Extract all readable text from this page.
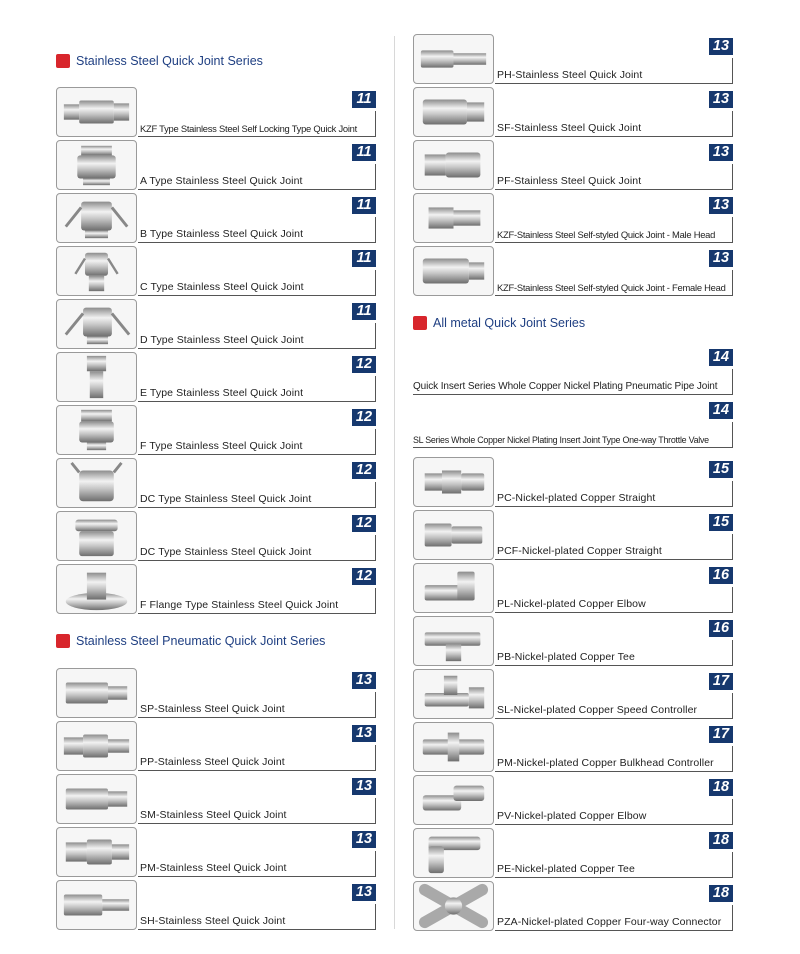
Stainless Steel Quick Joint Series
KZF Type Stainless Steel Self Locking Type Quick Joint
11
A Type Stainless Steel Quick Joint
11
B Type Stainless Steel Quick Joint
11
C Type Stainless Steel Quick Joint
11
D Type Stainless Steel Quick Joint
11
E Type Stainless Steel Quick Joint
12
F Type Stainless Steel Quick Joint
12
DC Type Stainless Steel Quick Joint
12
DC Type Stainless Steel Quick Joint
12
F Flange Type Stainless Steel Quick Joint
12
Stainless Steel Pneumatic Quick Joint Series
SP-Stainless Steel Quick Joint
13
PP-Stainless Steel Quick Joint
13
SM-Stainless Steel Quick Joint
13
PM-Stainless Steel Quick Joint
13
SH-Stainless Steel Quick Joint
13
PH-Stainless Steel Quick Joint
13
SF-Stainless Steel Quick Joint
13
PF-Stainless Steel Quick Joint
13
KZF-Stainless Steel Self-styled Quick Joint - Male Head
13
KZF-Stainless Steel Self-styled Quick Joint - Female Head
13
All metal Quick Joint Series
Quick Insert Series Whole Copper Nickel Plating Pneumatic Pipe Joint
14
SL Series Whole Copper Nickel Plating Insert Joint Type One-way Throttle Valve
14
PC-Nickel-plated Copper Straight
15
PCF-Nickel-plated Copper Straight
15
PL-Nickel-plated Copper Elbow
16
PB-Nickel-plated Copper Tee
16
SL-Nickel-plated Copper Speed Controller
17
PM-Nickel-plated Copper Bulkhead Controller
17
PV-Nickel-plated Copper Elbow
18
PE-Nickel-plated Copper Tee
18
PZA-Nickel-plated Copper Four-way Connector
18
